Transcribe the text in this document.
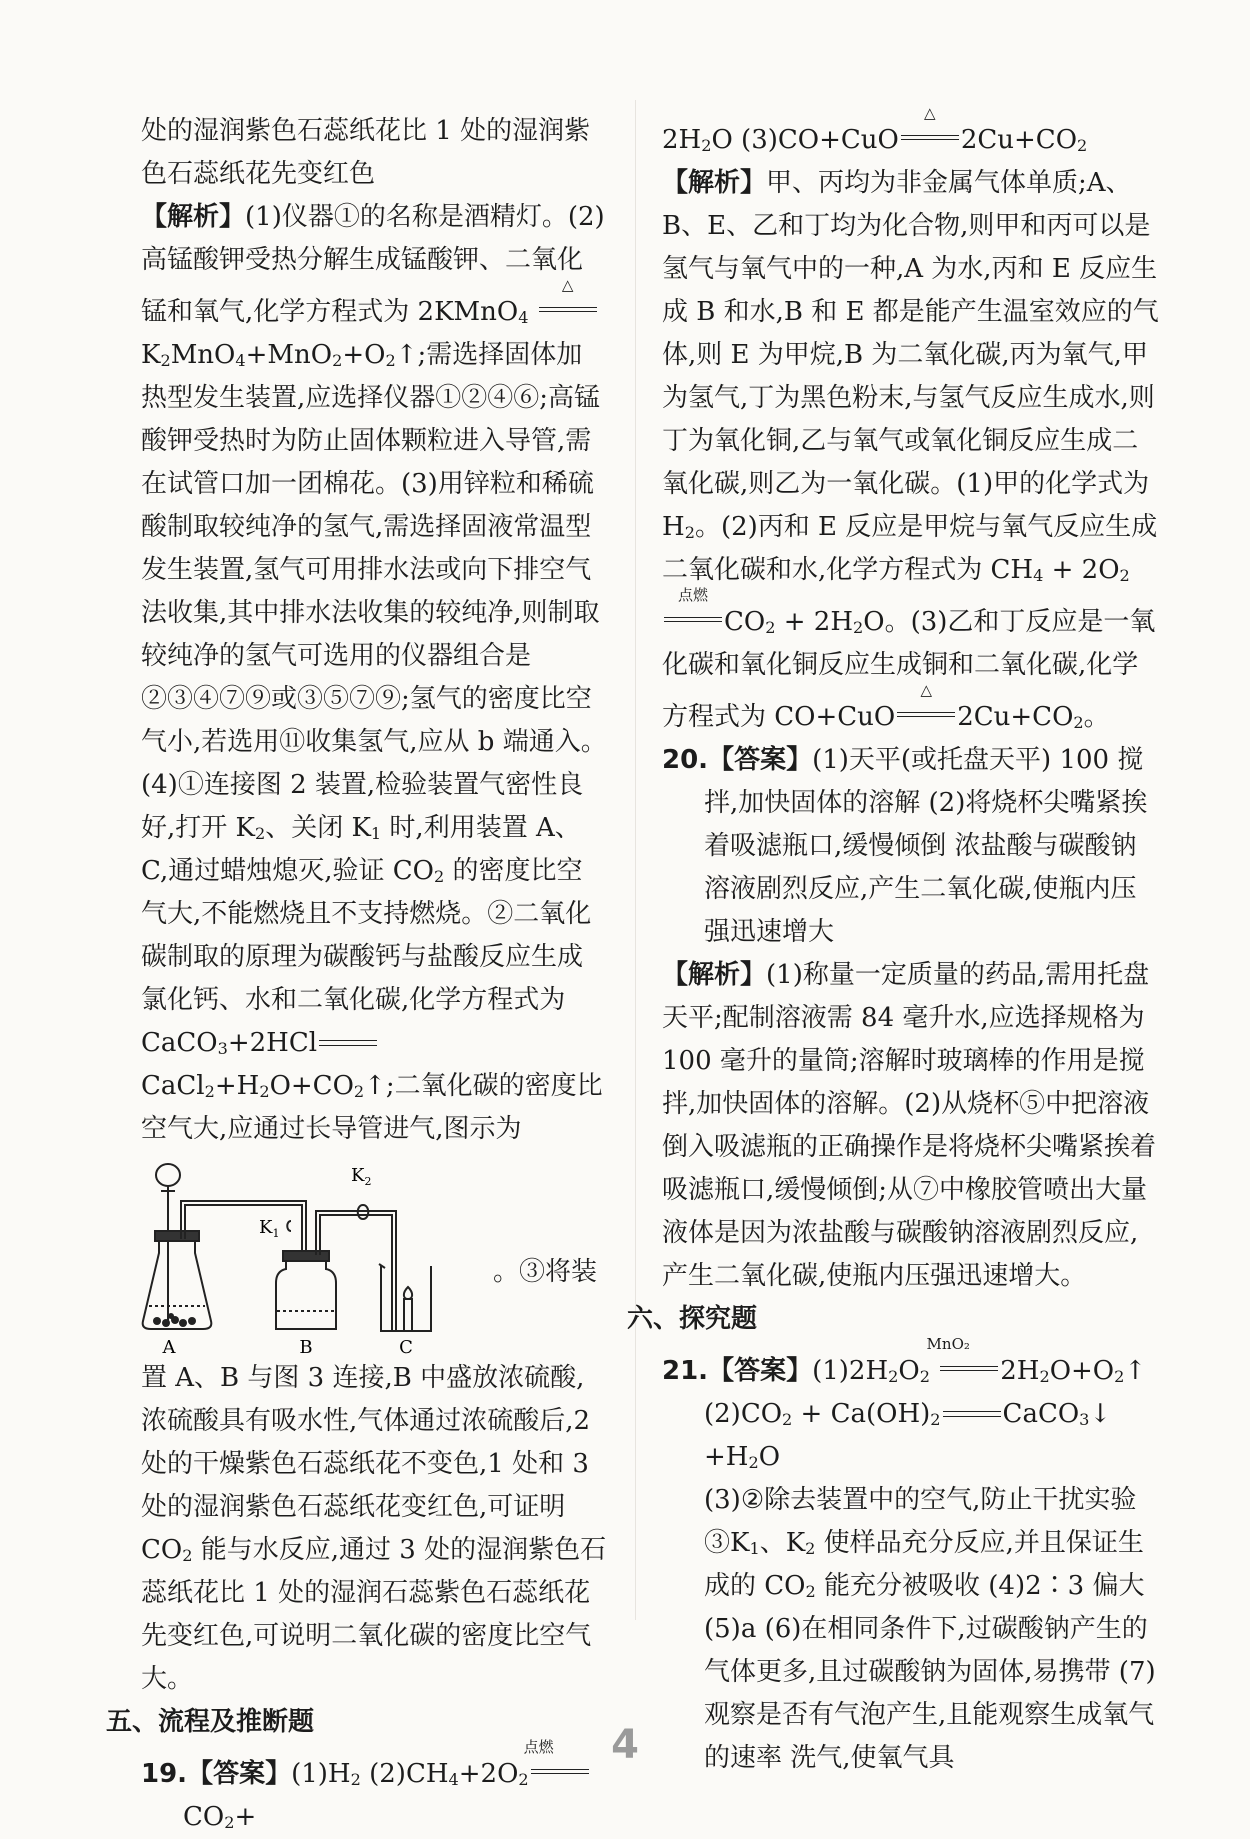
处的湿润紫色石蕊纸花比 1 处的湿润紫

色石蕊纸花先变红色

【解析】(1)仪器①的名称是酒精灯。(2)高锰酸钾受热分解生成锰酸钾、二氧化锰和氧气,化学方程式为 2KMnO$_4$
△
$K_2MnO_4+MnO_2+O_2↑$;需选择固体加热型发生装置,应选择仪器①②④⑥;高锰酸钾受热时为防止固体颗粒进入导管,需在试管口加一团棉花。(3)用锌粒和稀硫酸制取较纯净的氢气,需选择固液常温型发生装置,氢气可用排水法或向下排空气法收集,其中排水法收集的较纯净,则制取较纯净的氢气可选用的仪器组合是②③④⑦⑨或③⑤⑦⑨;氢气的密度比空气小,若选用⑪收集氢气,应从 b 端通入。(4)①连接图 2 装置,检验装置气密性良好,打开 $K_2$、关闭 $K_1$ 时,利用装置 A、C,通过蜡烛熄灭,验证 $CO_2$ 的密度比空气大,不能燃烧且不支持燃烧。②二氧化碳制取的原理为碳酸钙与盐酸反应生成氯化钙、水和二氧化碳,化学方程式为
$CaCO_3+2HClCaCl_2+H_2O+CO_2↑$;二氧化碳的密度比空气大,应通过长导管进气,图示为

A	B	C
$K_1$
$K_2$
。③将装

置 A、B 与图 3 连接,B 中盛放浓硫酸,浓硫酸具有吸水性,气体通过浓硫酸后,2 处的干燥紫色石蕊纸花不变色,1 处和 3 处的湿润紫色石蕊纸花变红色,可证明 $CO_2$ 能与水反应,通过 3 处的湿润紫色石蕊纸花比 1 处的湿润石蕊紫色石蕊纸花先变红色,可说明二氧化碳的密度比空气大。

五、流程及推断题

19.【答案】$(1)H_2$ $(2)CH_4+2O_2$
点燃
$CO_2+$

$2H_2O$ (3)CO+CuO
△
$2Cu+CO_2$

【解析】甲、丙均为非金属气体单质;A、B、E、乙和丁均为化合物,则甲和丙可以是氢气与氧气中的一种,A 为水,丙和 E 反应生成 B 和水,B 和 E 都是能产生温室效应的气体,则 E 为甲烷,B 为二氧化碳,丙为氧气,甲为氢气,丁为黑色粉末,与氢气反应生成水,则丁为氧化铜,乙与氧气或氧化铜反应生成二氧化碳,则乙为一氧化碳。(1)甲的化学式为 $H_2$。(2)丙和 E 反应是甲烷与氧气反应生成二氧化碳和水,化学方程式为 $CH_4 + 2O_2$
点燃
$CO_2 + 2H_2O$。(3)乙和丁反应是一氧化碳和氧化铜反应生成铜和二氧化碳,化学方程式为 CO+CuO
△
$2Cu+CO_2$。

20.【答案】(1)天平(或托盘天平) 100 搅拌,加快固体的溶解 (2)将烧杯尖嘴紧挨着吸滤瓶口,缓慢倾倒 浓盐酸与碳酸钠溶液剧烈反应,产生二氧化碳,使瓶内压强迅速增大

【解析】(1)称量一定质量的药品,需用托盘天平;配制溶液需 84 毫升水,应选择规格为 100 毫升的量筒;溶解时玻璃棒的作用是搅拌,加快固体的溶解。(2)从烧杯⑤中把溶液倒入吸滤瓶的正确操作是将烧杯尖嘴紧挨着吸滤瓶口,缓慢倾倒;从⑦中橡胶管喷出大量液体是因为浓盐酸与碳酸钠溶液剧烈反应,产生二氧化碳,使瓶内压强迅速增大。

六、探究题

21.【答案】$(1)2H_2O_2$
MnO₂
$2H_2O+O_2↑$
$(2)CO_2 + Ca(OH)_2$ CaCO$_3$↓ $+H_2O$
(3)②除去装置中的空气,防止干扰实验 $③K_1$、$K_2$ 使样品充分反应,并且保证生成的 $CO_2$ 能充分被吸收 (4)2∶3 偏大 (5)a (6)在相同条件下,过碳酸钠产生的气体更多,且过碳酸钠为固体,易携带 (7)观察是否有气泡产生,且能观察生成氧气的速率 洗气,使氧气具

4
